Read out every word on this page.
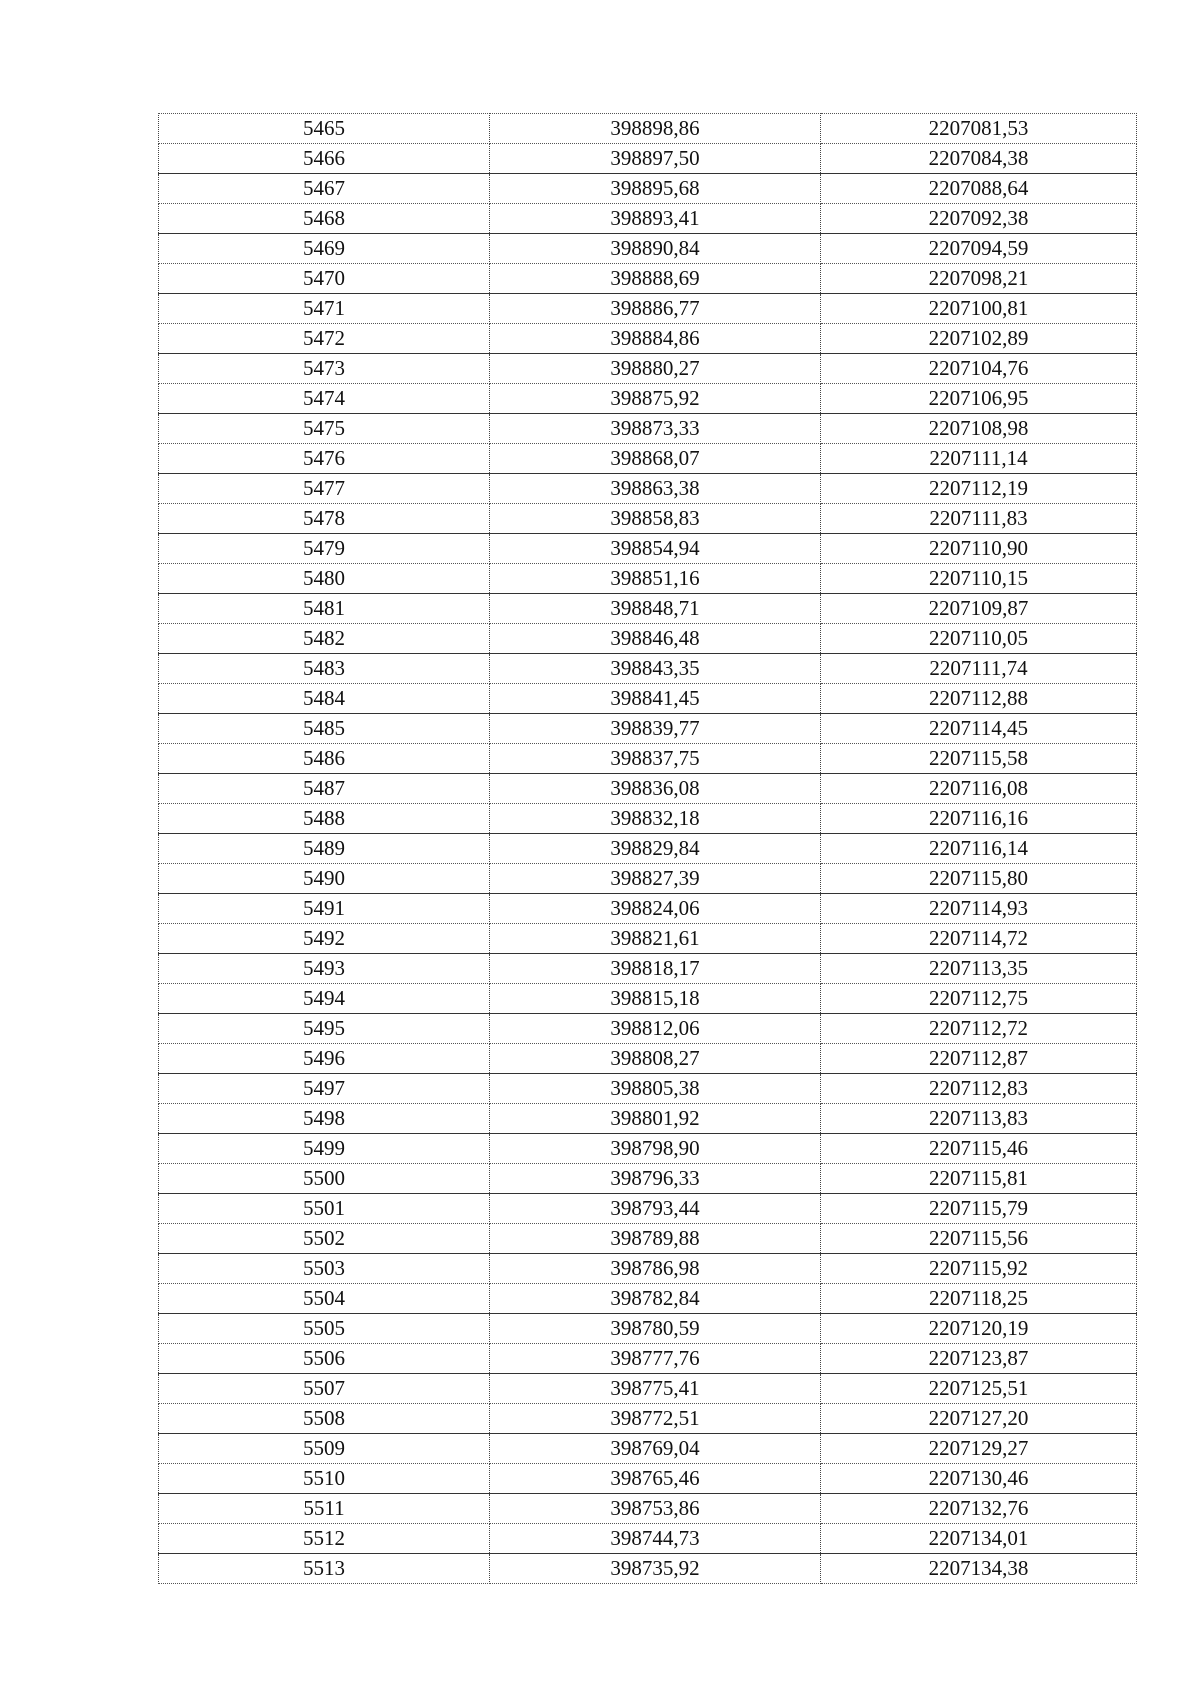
5465	398898,86	2207081,53
5466	398897,50	2207084,38
5467	398895,68	2207088,64
5468	398893,41	2207092,38
5469	398890,84	2207094,59
5470	398888,69	2207098,21
5471	398886,77	2207100,81
5472	398884,86	2207102,89
5473	398880,27	2207104,76
5474	398875,92	2207106,95
5475	398873,33	2207108,98
5476	398868,07	2207111,14
5477	398863,38	2207112,19
5478	398858,83	2207111,83
5479	398854,94	2207110,90
5480	398851,16	2207110,15
5481	398848,71	2207109,87
5482	398846,48	2207110,05
5483	398843,35	2207111,74
5484	398841,45	2207112,88
5485	398839,77	2207114,45
5486	398837,75	2207115,58
5487	398836,08	2207116,08
5488	398832,18	2207116,16
5489	398829,84	2207116,14
5490	398827,39	2207115,80
5491	398824,06	2207114,93
5492	398821,61	2207114,72
5493	398818,17	2207113,35
5494	398815,18	2207112,75
5495	398812,06	2207112,72
5496	398808,27	2207112,87
5497	398805,38	2207112,83
5498	398801,92	2207113,83
5499	398798,90	2207115,46
5500	398796,33	2207115,81
5501	398793,44	2207115,79
5502	398789,88	2207115,56
5503	398786,98	2207115,92
5504	398782,84	2207118,25
5505	398780,59	2207120,19
5506	398777,76	2207123,87
5507	398775,41	2207125,51
5508	398772,51	2207127,20
5509	398769,04	2207129,27
5510	398765,46	2207130,46
5511	398753,86	2207132,76
5512	398744,73	2207134,01
5513	398735,92	2207134,38
